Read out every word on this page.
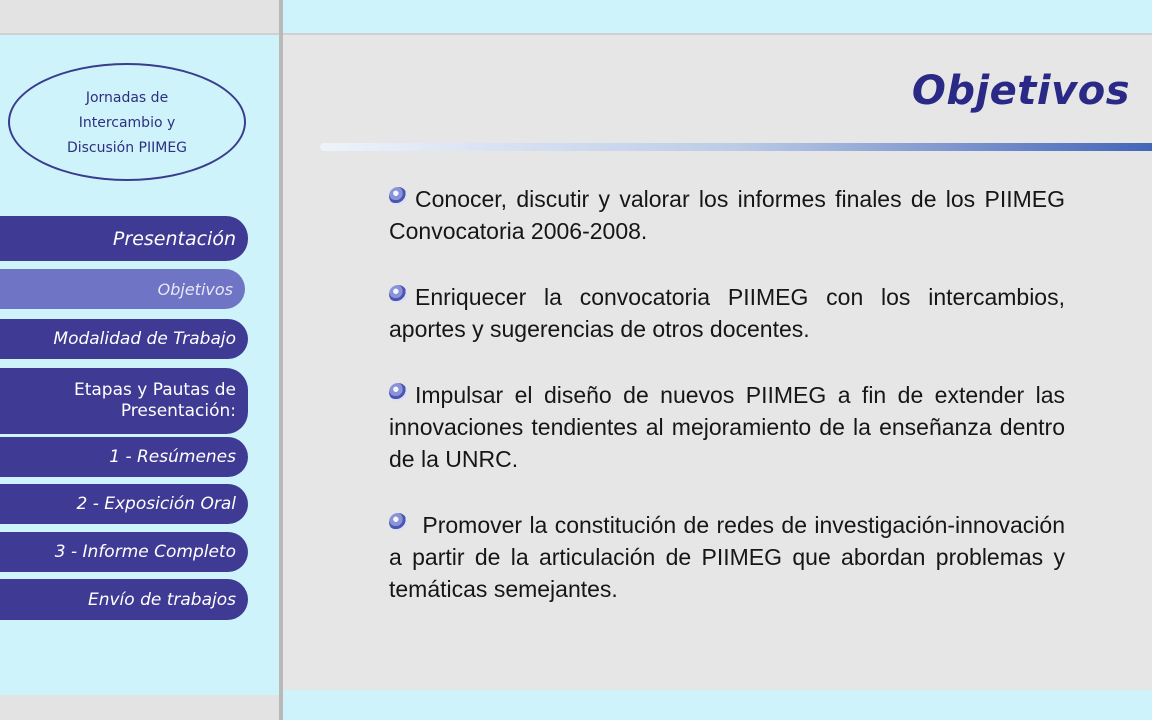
Jornadas de
Intercambio y
Discusión PIIMEG
Presentación
Objetivos
Modalidad de Trabajo
Etapas y Pautas de
Presentación:
1 - Resúmenes
2 - Exposición Oral
3 - Informe Completo
Envío de trabajos
Objetivos

Conocer, discutir y valorar los informes finales de los PIIMEG Convocatoria 2006-2008.

Enriquecer la convocatoria PIIMEG con los intercambios, aportes y sugerencias de otros docentes.

Impulsar el diseño de nuevos PIIMEG a fin de extender las innovaciones tendientes al mejoramiento de la enseñanza dentro de la UNRC.

Promover la constitución de redes de investigación-innovación a partir de la articulación de PIIMEG que abordan problemas y temáticas semejantes.
